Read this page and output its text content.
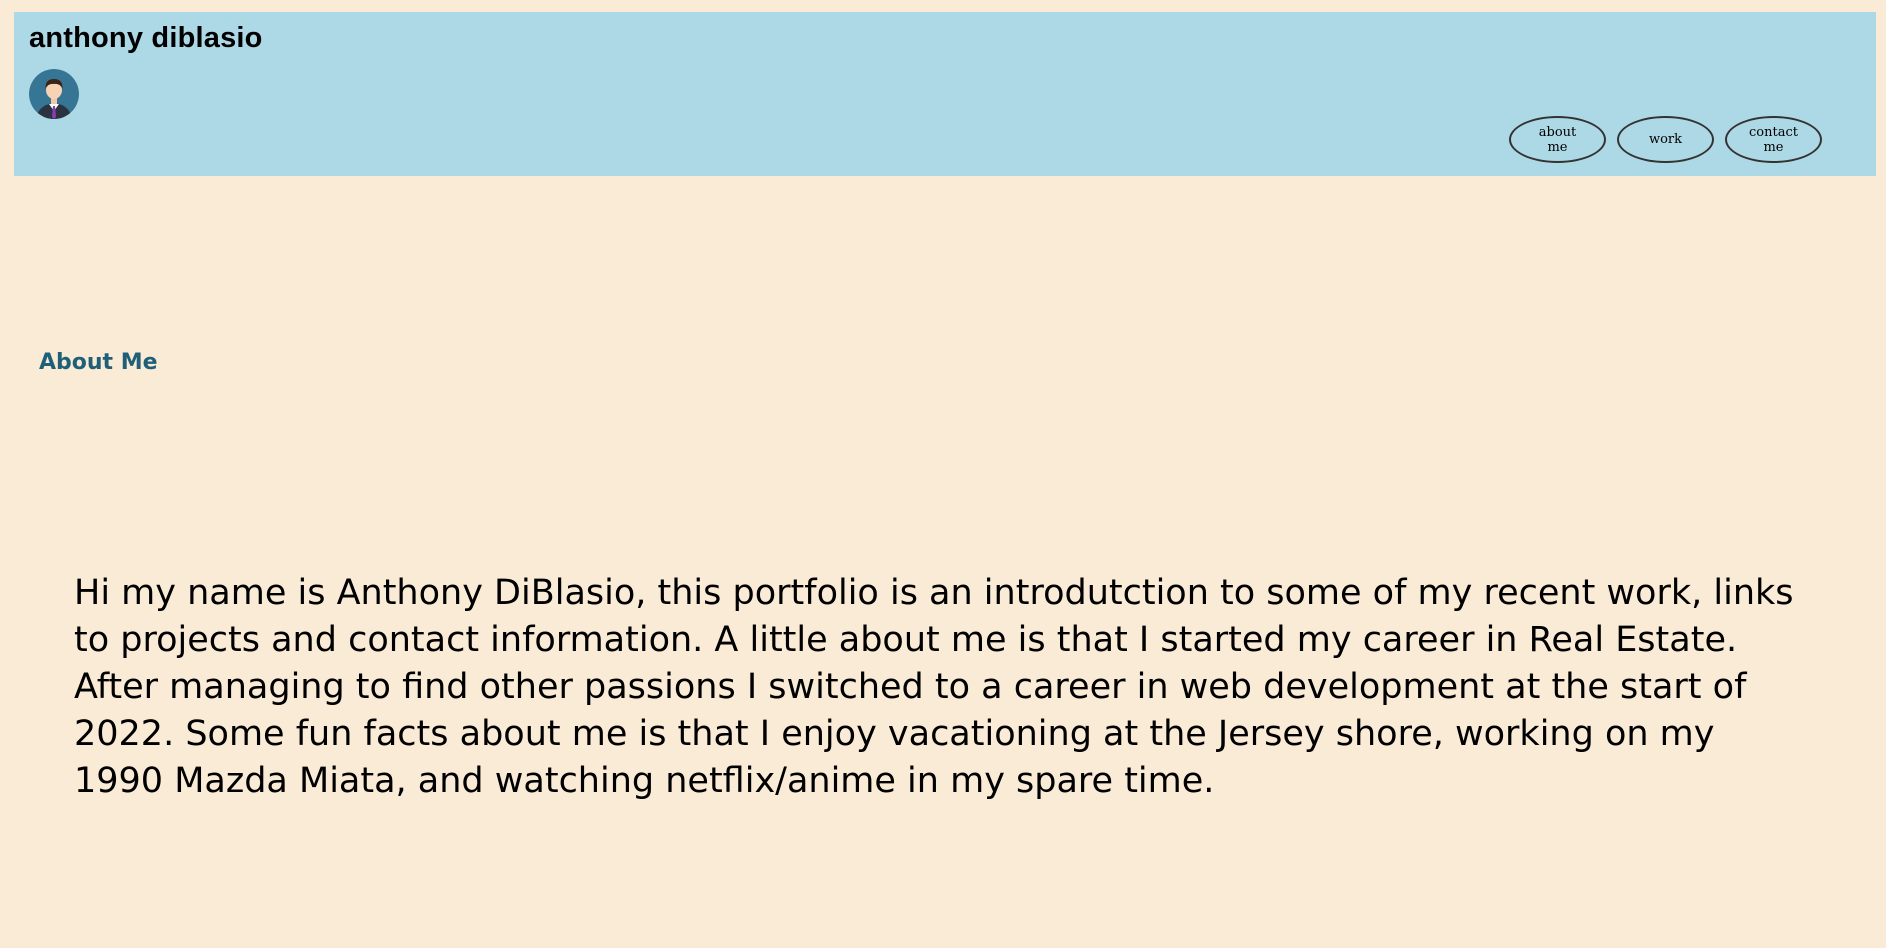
anthony diblasio
about me	work	contact me
About Me

Hi my name is Anthony DiBlasio, this portfolio is an introdutction to some of my recent work, links to projects and contact information. A little about me is that I started my career in Real Estate. After managing to find other passions I switched to a career in web development at the start of 2022. Some fun facts about me is that I enjoy vacationing at the Jersey shore, working on my 1990 Mazda Miata, and watching netflix/anime in my spare time.
